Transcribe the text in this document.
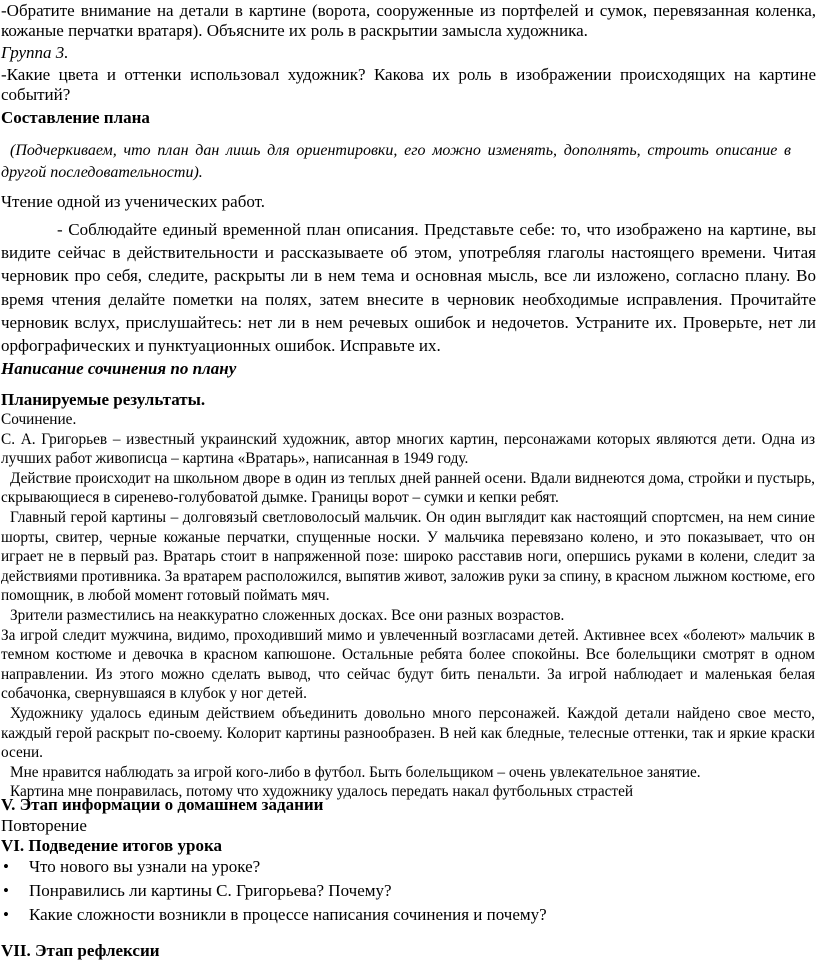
-Обратите внимание на детали в картине (ворота, сооруженные из портфелей и сумок, перевязанная коленка, кожаные перчатки вратаря). Объясните их роль в раскрытии замысла художника.

Группа 3.

-Какие цвета и оттенки использовал художник? Какова их роль в изображении происходящих на картине событий?

Составление плана

(Подчеркиваем, что план дан лишь для ориентировки, его можно изменять, дополнять, строить описание в другой последовательности).

Чтение одной из ученических работ.

- Соблюдайте единый временной план описания. Представьте себе: то, что изображено на картине, вы видите сейчас в действительности и рассказываете об этом, употребляя глаголы настоящего времени. Читая черновик про себя, следите, раскрыты ли в нем тема и основная мысль, все ли изложено, согласно плану. Во время чтения делайте пометки на полях, затем внесите в черновик необходимые исправления. Прочитайте черновик вслух, прислушайтесь: нет ли в нем речевых ошибок и недочетов. Устраните их. Проверьте, нет ли орфографических и пунктуационных ошибок. Исправьте их.

Написание сочинения по плану

Планируемые результаты.

Сочинение.

С. А. Григорьев – известный украинский художник, автор многих картин, персонажами которых являются дети. Одна из лучших работ живописца – картина «Вратарь», написанная в 1949 году.

Действие происходит на школьном дворе в один из теплых дней ранней осени. Вдали виднеются дома, стройки и пустырь, скрывающиеся в сиренево-голубоватой дымке. Границы ворот – сумки и кепки ребят.

Главный герой картины – долговязый светловолосый мальчик. Он один выглядит как настоящий спортсмен, на нем синие шорты, свитер, черные кожаные перчатки, спущенные носки. У мальчика перевязано колено, и это показывает, что он играет не в первый раз. Вратарь стоит в напряженной позе: широко расставив ноги, опершись руками в колени, следит за действиями противника. За вратарем расположился, выпятив живот, заложив руки за спину, в красном лыжном костюме, его помощник, в любой момент готовый поймать мяч.

Зрители разместились на неаккуратно сложенных досках. Все они разных возрастов.

За игрой следит мужчина, видимо, проходивший мимо и увлеченный возгласами детей. Активнее всех «болеют» мальчик в темном костюме и девочка в красном капюшоне. Остальные ребята более спокойны. Все болельщики смотрят в одном направлении. Из этого можно сделать вывод, что сейчас будут бить пенальти. За игрой наблюдает и маленькая белая собачонка, свернувшаяся в клубок у ног детей.

Художнику удалось единым действием объединить довольно много персонажей. Каждой детали найдено свое место, каждый герой раскрыт по-своему. Колорит картины разнообразен. В ней как бледные, телесные оттенки, так и яркие краски осени.

Мне нравится наблюдать за игрой кого-либо в футбол. Быть болельщиком – очень увлекательное занятие.

Картина мне понравилась, потому что художнику удалось передать накал футбольных страстей

V. Этап информации о домашнем задании

Повторение

VI. Подведение итогов урока

• Что нового вы узнали на уроке?
• Понравились ли картины С. Григорьева? Почему?
• Какие сложности возникли в процессе написания сочинения и почему?

VII. Этап рефлексии
